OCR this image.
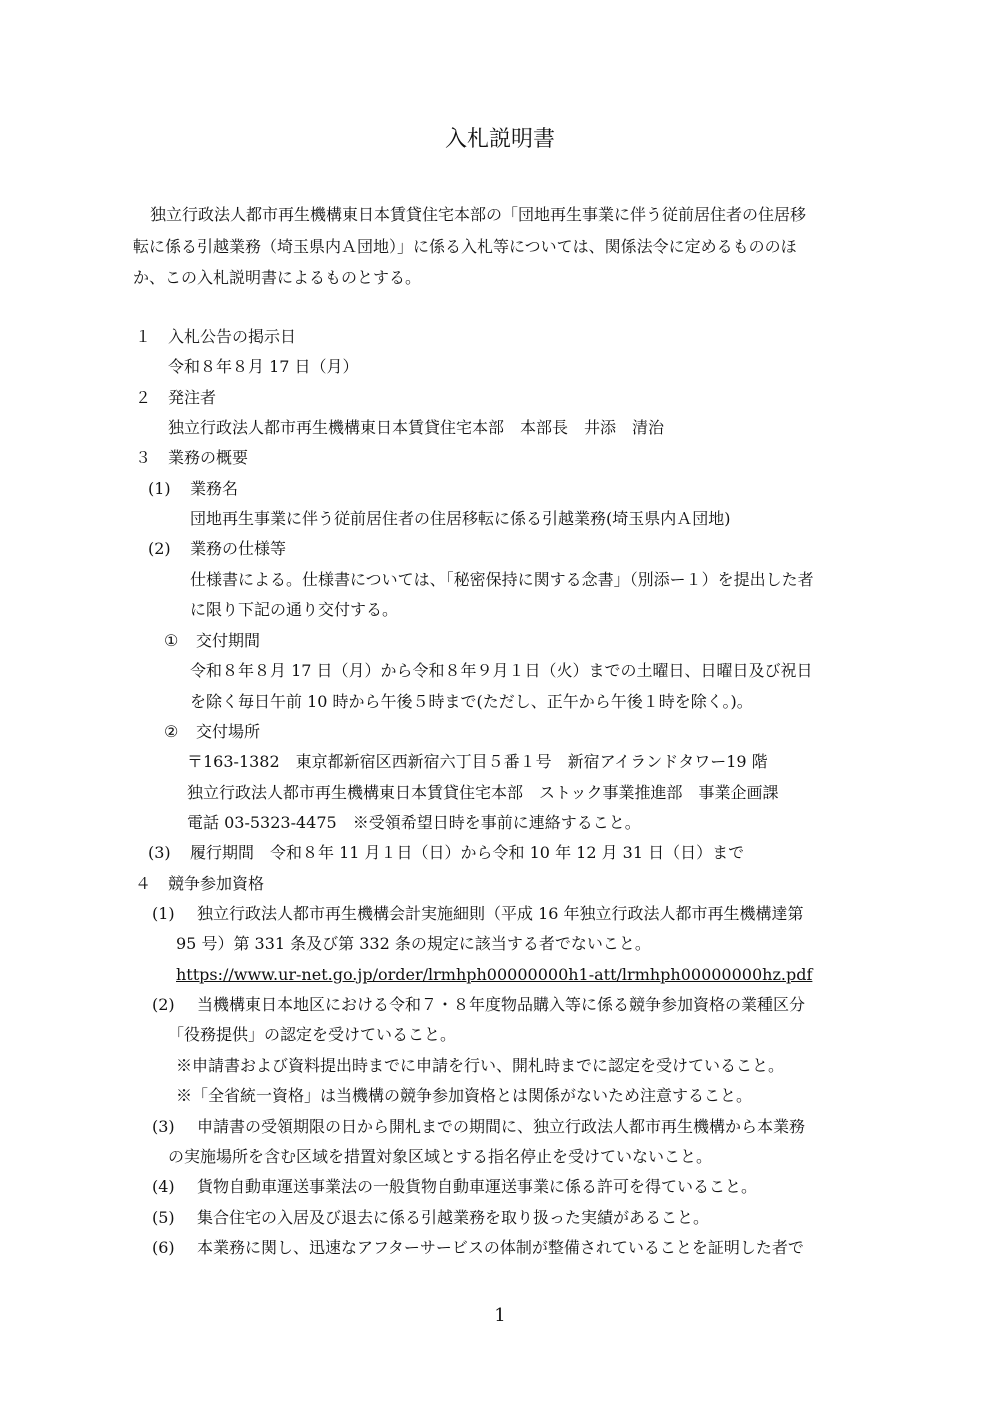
入札説明書
独立行政法人都市再生機構東日本賃貸住宅本部の「団地再生事業に伴う従前居住者の住居移
転に係る引越業務（埼玉県内Ａ団地）」に係る入札等については、関係法令に定めるもののほ
か、この入札説明書によるものとする。
１ 入札公告の掲示日
令和８年８月 17 日（月）
２ 発注者
独立行政法人都市再生機構東日本賃貸住宅本部　本部長　井添　清治
３ 業務の概要
(1) 業務名
団地再生事業に伴う従前居住者の住居移転に係る引越業務(埼玉県内Ａ団地)
(2) 業務の仕様等
仕様書による。仕様書については、「秘密保持に関する念書」（別添ー１）を提出した者
に限り下記の通り交付する。
① 交付期間
令和８年８月 17 日（月）から令和８年９月１日（火）までの土曜日、日曜日及び祝日
を除く毎日午前 10 時から午後５時まで(ただし、正午から午後１時を除く。)。
② 交付場所
〒163-1382　東京都新宿区西新宿六丁目５番１号　新宿アイランドタワー19 階
独立行政法人都市再生機構東日本賃貸住宅本部　ストック事業推進部　事業企画課
電話 03-5323-4475　※受領希望日時を事前に連絡すること。
(3) 履行期間　令和８年 11 月１日（日）から令和 10 年 12 月 31 日（日）まで
４ 競争参加資格
(1) 独立行政法人都市再生機構会計実施細則（平成 16 年独立行政法人都市再生機構達第
95 号）第 331 条及び第 332 条の規定に該当する者でないこと。
https://www.ur-net.go.jp/order/lrmhph00000000h1-att/lrmhph00000000hz.pdf
(2) 当機構東日本地区における令和７・８年度物品購入等に係る競争参加資格の業種区分
「役務提供」の認定を受けていること。
※申請書および資料提出時までに申請を行い、開札時までに認定を受けていること。
※「全省統一資格」は当機構の競争参加資格とは関係がないため注意すること。
(3) 申請書の受領期限の日から開札までの期間に、独立行政法人都市再生機構から本業務
の実施場所を含む区域を措置対象区域とする指名停止を受けていないこと。
(4) 貨物自動車運送事業法の一般貨物自動車運送事業に係る許可を得ていること。
(5) 集合住宅の入居及び退去に係る引越業務を取り扱った実績があること。
(6) 本業務に関し、迅速なアフターサービスの体制が整備されていることを証明した者で
1
